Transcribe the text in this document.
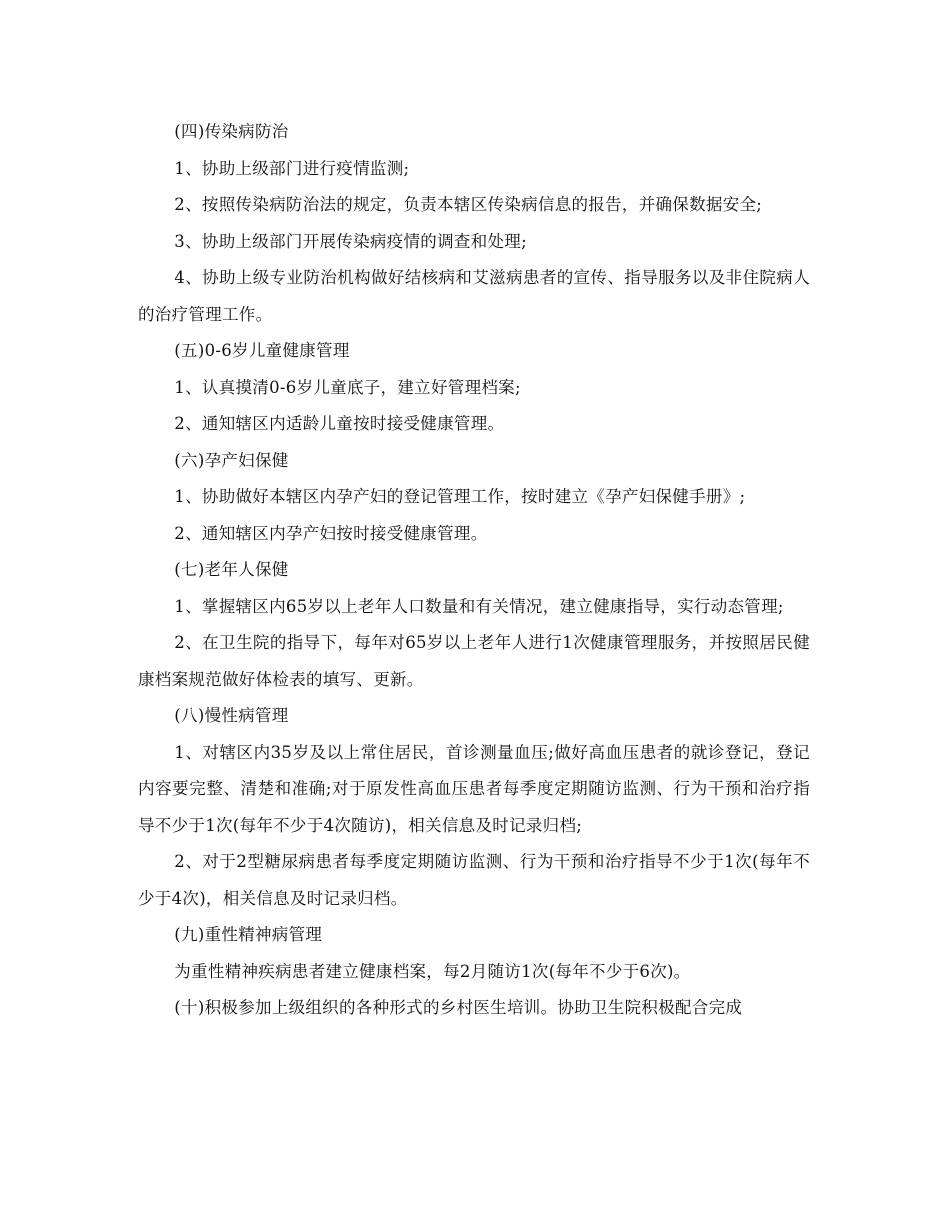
(四)传染病防治

1、协助上级部门进行疫情监测;

2、按照传染病防治法的规定，负责本辖区传染病信息的报告，并确保数据安全;

3、协助上级部门开展传染病疫情的调查和处理;

4、协助上级专业防治机构做好结核病和艾滋病患者的宣传、指导服务以及非住院病人的治疗管理工作。

(五)0-6岁儿童健康管理

1、认真摸清0-6岁儿童底子，建立好管理档案;

2、通知辖区内适龄儿童按时接受健康管理。

(六)孕产妇保健

1、协助做好本辖区内孕产妇的登记管理工作，按时建立《孕产妇保健手册》;

2、通知辖区内孕产妇按时接受健康管理。

(七)老年人保健

1、掌握辖区内65岁以上老年人口数量和有关情况，建立健康指导，实行动态管理;

2、在卫生院的指导下，每年对65岁以上老年人进行1次健康管理服务，并按照居民健康档案规范做好体检表的填写、更新。

(八)慢性病管理

1、对辖区内35岁及以上常住居民，首诊测量血压;做好高血压患者的就诊登记，登记内容要完整、清楚和准确;对于原发性高血压患者每季度定期随访监测、行为干预和治疗指导不少于1次(每年不少于4次随访)，相关信息及时记录归档;

2、对于2型糖尿病患者每季度定期随访监测、行为干预和治疗指导不少于1次(每年不少于4次)，相关信息及时记录归档。

(九)重性精神病管理

为重性精神疾病患者建立健康档案，每2月随访1次(每年不少于6次)。

(十)积极参加上级组织的各种形式的乡村医生培训。协助卫生院积极配合完成
